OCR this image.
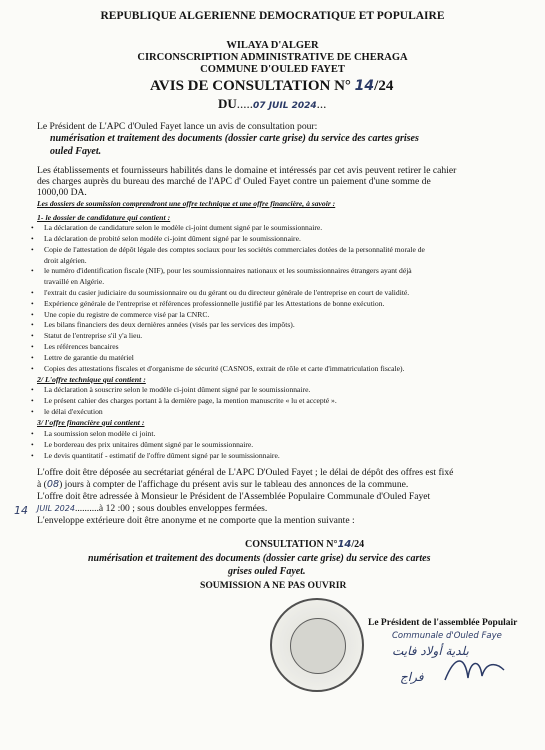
REPUBLIQUE ALGERIENNE DEMOCRATIQUE ET POPULAIRE
WILAYA D'ALGER
CIRCONSCRIPTION ADMINISTRATIVE DE CHERAGA
COMMUNE D'OULED FAYET
AVIS DE CONSULTATION N° 14/24
DU.....07 JUIL 2024...
Le Président de L'APC d'Ouled Fayet lance un avis de consultation pour:
numérisation et traitement des documents (dossier carte grise) du service des cartes grises
ouled Fayet.
Les établissements et fournisseurs habilités dans le domaine et intéressés par cet avis peuvent retirer le cahier
des charges auprès du bureau des marché de l'APC d' Ouled Fayet contre un paiement d'une somme de
1000,00 DA.
Les dossiers de soumission comprendront une offre technique et une offre financière, à savoir :
1- le dossier de candidature qui contient :
• La déclaration de candidature selon le modèle ci-joint dument signé par le soumissionnaire.
• La déclaration de probité selon modèle ci-joint dûment signé par le soumissionnaire.
• Copie de l'attestation de dépôt légale des comptes sociaux pour les sociétés commerciales dotées de la personnalité morale de
droit algérien.
• le numéro d'identification fiscale (NIF), pour les soumissionnaires nationaux et les soumissionnaires étrangers ayant déjà
travaillé en Algérie.
• l'extrait du casier judiciaire du soumissionnaire ou du gérant ou du directeur générale de l'entreprise en court de validité.
• Expérience générale de l'entreprise et références professionnelle justifié par les Attestations de bonne exécution.
• Une copie du registre de commerce visé par la CNRC.
• Les bilans financiers des deux dernières années (visés par les services des impôts).
• Statut de l'entreprise s'il y'a lieu.
• Les références bancaires
• Lettre de garantie du matériel
• Copies des attestations fiscales et d'organisme de sécurité (CASNOS, extrait de rôle et carte d'immatriculation fiscale).
2/ L'offre technique qui contient :
• La déclaration à souscrire selon le modèle ci-joint dûment signé par le soumissionnaire.
• Le présent cahier des charges portant à la dernière page, la mention manuscrite « lu et accepté ».
• le délai d'exécution
3/ l'offre financière qui contient :
• La soumission selon modèle ci joint.
• Le bordereau des prix unitaires dûment signé par le soumissionnaire.
• Le devis quantitatif - estimatif de l'offre dûment signé par le soumissionnaire.
L'offre doit être déposée au secrétariat général de L'APC D'Ouled Fayet ; le délai de dépôt des offres est fixé
à (08) jours à compter de l'affichage du présent avis sur le tableau des annonces de la commune.
L'offre doit être adressée à Monsieur le Président de l'Assemblée Populaire Communale d'Ouled Fayet
14 JUIL 2024..........à 12 :00 ; sous doubles enveloppes fermées.
L'enveloppe extérieure doit être anonyme et ne comporte que la mention suivante :
CONSULTATION N°14/24
numérisation et traitement des documents (dossier carte grise) du service des cartes
grises ouled Fayet.
SOUMISSION A NE PAS OUVRIR
Le Président de l'assemblée Populair
Communale d'Ouled Faye
بلدية أولاد فايت
فراج
